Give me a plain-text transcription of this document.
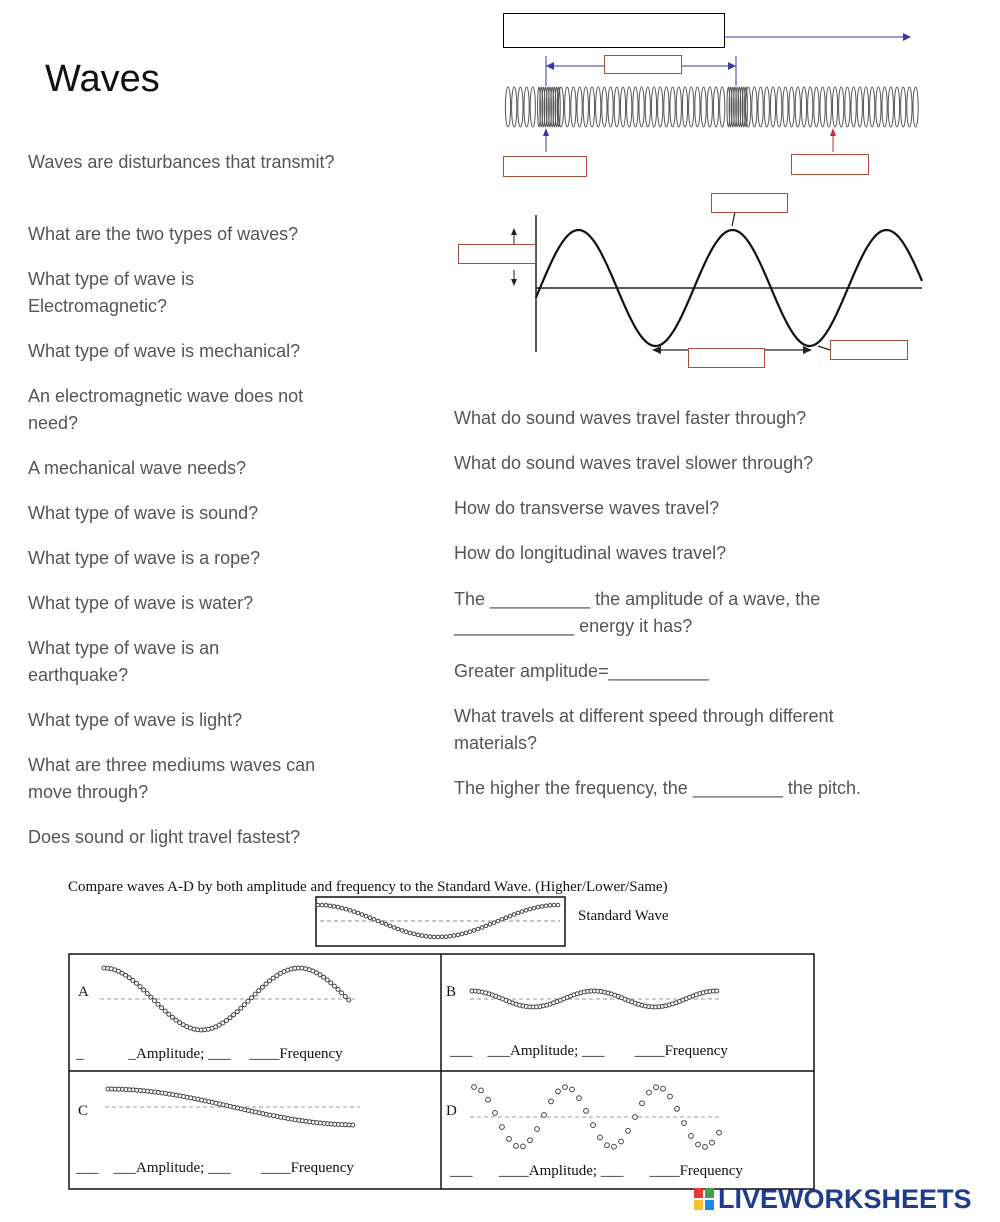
Waves
Waves are disturbances that transmit?
What are the two types of waves?
What type of wave is Electromagnetic?
What type of wave is mechanical?
An electromagnetic wave does not need?
A mechanical wave needs?
What type of wave is sound?
What type of wave is a rope?
What type of wave is water?
What type of wave is an earthquake?
What type of wave is light?
What are three mediums waves can move through?
Does sound or light travel fastest?
What do sound waves travel faster through?
What do sound waves travel slower through?
How do transverse waves travel?
How do longitudinal waves travel?
The __________ the amplitude of a wave, the ____________ energy it has?
Greater amplitude=__________
What travels at different speed through different materials?
The higher the frequency, the _________ the pitch.
Compare waves A-D by both amplitude and frequency to the Standard Wave. (Higher/Lower/Same)
Standard Wave
A	B
C	D
_            _Amplitude; ___     ____Frequency	___    ___Amplitude; ___        ____Frequency
___    ___Amplitude; ___        ____Frequency	___       ____Amplitude; ___       ____Frequency
LIVEWORKSHEETS
